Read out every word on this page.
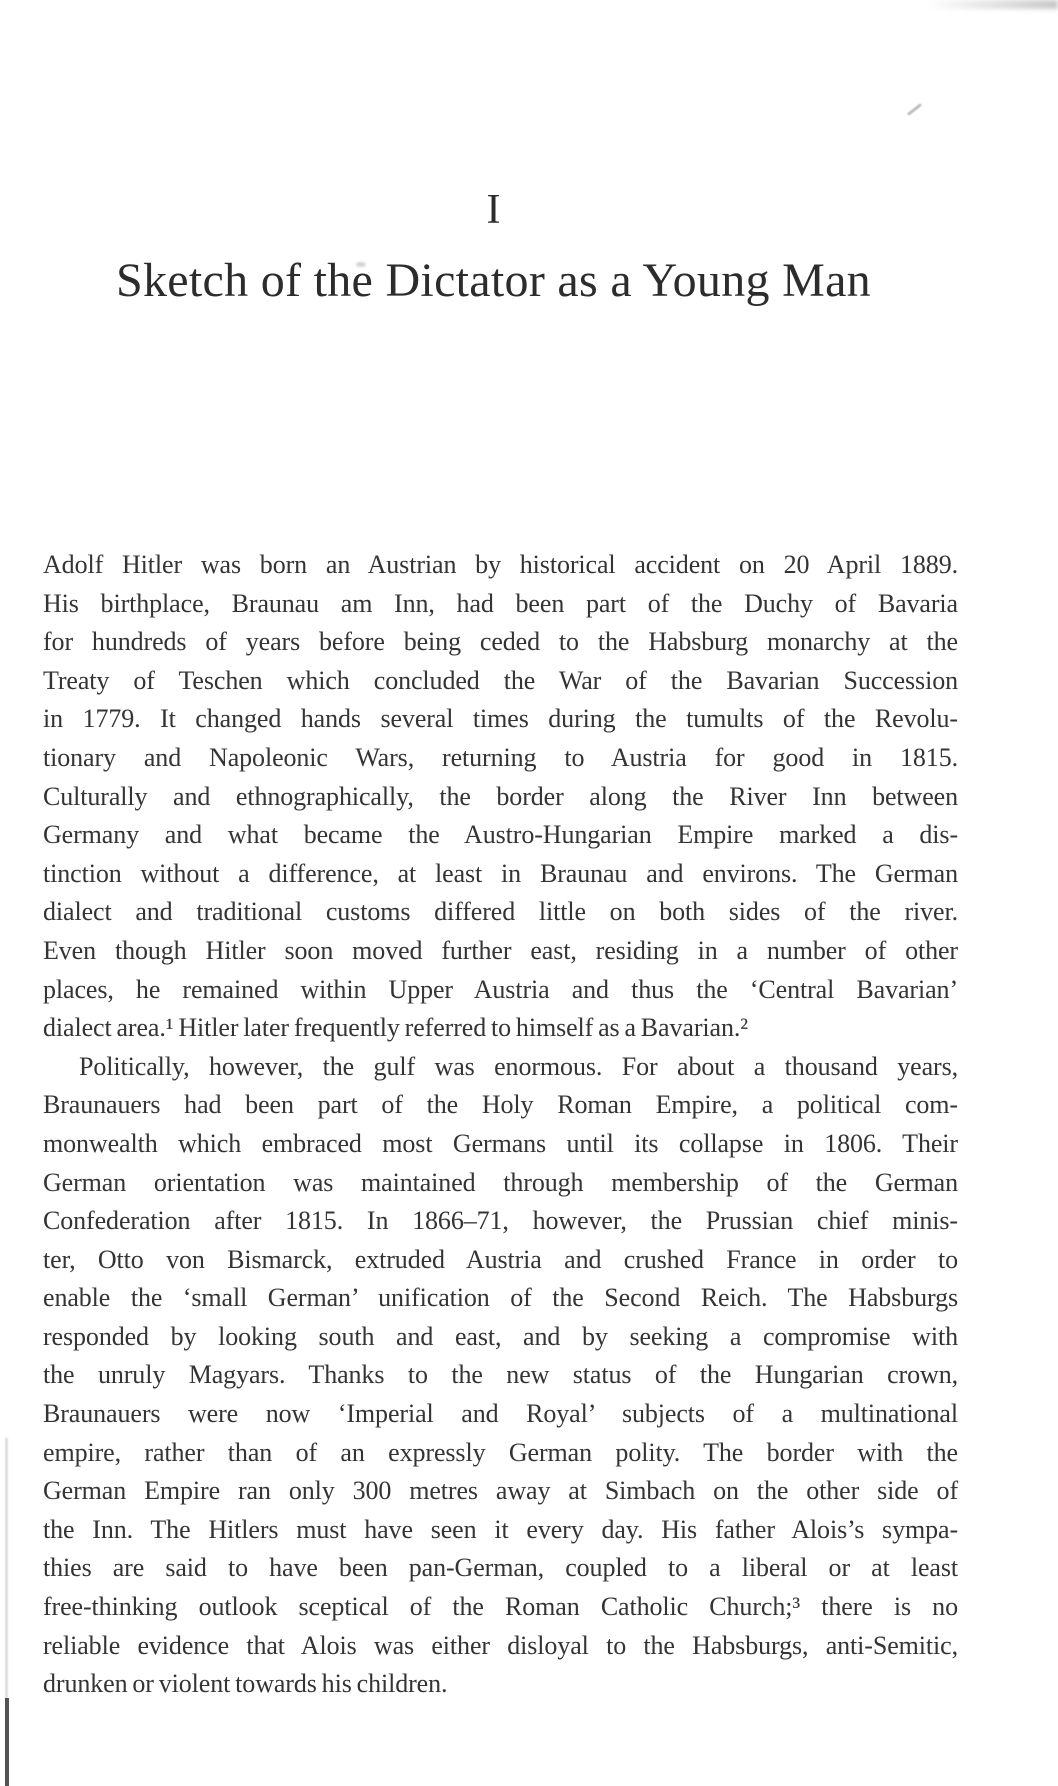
I
Sketch of the Dictator as a Young Man

Adolf Hitler was born an Austrian by historical accident on 20 April 1889.
His birthplace, Braunau am Inn, had been part of the Duchy of Bavaria
for hundreds of years before being ceded to the Habsburg monarchy at the
Treaty of Teschen which concluded the War of the Bavarian Succession
in 1779. It changed hands several times during the tumults of the Revolu-
tionary and Napoleonic Wars, returning to Austria for good in 1815.
Culturally and ethnographically, the border along the River Inn between
Germany and what became the Austro-Hungarian Empire marked a dis-
tinction without a difference, at least in Braunau and environs. The German
dialect and traditional customs differed little on both sides of the river.
Even though Hitler soon moved further east, residing in a number of other
places, he remained within Upper Austria and thus the ‘Central Bavarian’
dialect area.¹ Hitler later frequently referred to himself as a Bavarian.²

Politically, however, the gulf was enormous. For about a thousand years,
Braunauers had been part of the Holy Roman Empire, a political com-
monwealth which embraced most Germans until its collapse in 1806. Their
German orientation was maintained through membership of the German
Confederation after 1815. In 1866–71, however, the Prussian chief minis-
ter, Otto von Bismarck, extruded Austria and crushed France in order to
enable the ‘small German’ unification of the Second Reich. The Habsburgs
responded by looking south and east, and by seeking a compromise with
the unruly Magyars. Thanks to the new status of the Hungarian crown,
Braunauers were now ‘Imperial and Royal’ subjects of a multinational
empire, rather than of an expressly German polity. The border with the
German Empire ran only 300 metres away at Simbach on the other side of
the Inn. The Hitlers must have seen it every day. His father Alois’s sympa-
thies are said to have been pan-German, coupled to a liberal or at least
free-thinking outlook sceptical of the Roman Catholic Church;³ there is no
reliable evidence that Alois was either disloyal to the Habsburgs, anti-Semitic,
drunken or violent towards his children.
